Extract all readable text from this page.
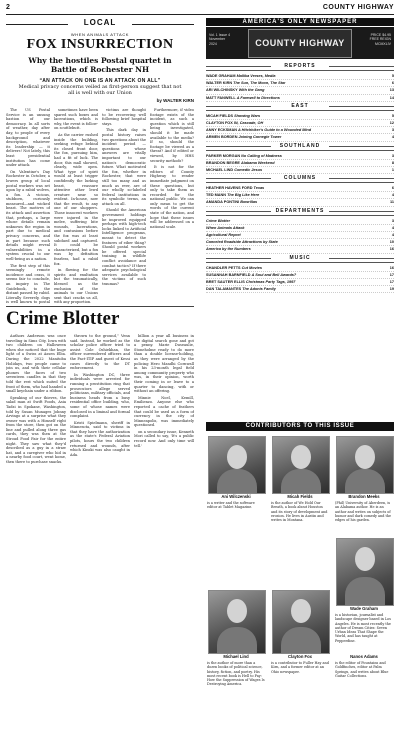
2	COUNTY HIGHWAY
LOCAL
WHEN ANIMALS ATTACK
FOX INSURRECTION
Why the hostiles Postal quartet in Battle of Rochester NH
“AN ATTACK ON ONE IS AN ATTACK ON ALL”
Medical privacy concerns veiled as first-person suggest that not all is well with our Union
by WALTER KIRN

The US Postal Service is an unsung bastion of our democracy. In all sorts of weather, day after day, to people of every background and description, whatever its leadership — it delivers! Not lately, this least presidential institution has come under attack.

On Valentine's Day Rochester in October, a lowers group of local postal workers was set upon by a rabid wolves, a fox. A vicious, stubborn, curiously measured—and wicked beast. The motives of its attack and assertion that, perhaps, a large whose details remain unknown the region in part due to medical privacy concerns, and in part because such details might reveal vulnerabilities in a system crucial to our well-being as a nation.

The first step of this seemingly remote incidence and crass, it seems fair to conclude, an inquiry in The Guidebook, to the distant passed by rabid. Literally Severely, dogs is well known to postal

sometimes have been spared such boxes and lacerations, which is why, the event is follow-on scuttlebutt.

As the carrier rushed inside the building, seeking refuge behind its closed front door, the fox, pursuing him, had a fit of luck. The door, this mall showed, clearly, wide open. What type of spirit would at least trigger confidently the lurking beast, reassure attentive other lewd creature near so evident. In-house, now that the result, to any one of our shoppers. Those innocent workers were injured in the melee, suffering bite wounds, lacerations, and contusions before the fox was at least subdued and captured. It could be characterized, but a fox was by definition fearless, had a rabid fox.

in flowing for the spirits and exultation but the traumatically, blessed as the exclusion of the animals to our Unions sent that cracks us all, with any proportion.

victims are thought to be recovering well following brief hospital stays.

This dark day in postal history raises two questions about the incident period — questions whose answers are vitally important to our nation's democratic future. What motivated the fox, whether in Rochester, that were still too many and as much as ever, are of our wholly so-labeled federal institutions in its symbolic terms, an attack on all.

Should the American government holdings be improved equipped perhaps with high-tech locks linked to Artificial Intelligence programs, meant to detect the features of eiber thing? Should postal workers be offered special training in wildlife conflict avoidance and combat tactics? If there adequate psychological services available to the victims of such traumas?

Furthermore, if video footage exists of the incident, as such a question which is still being investigated, should it be made available to the media? If so, should the footage be viewed as a threat? And if edited or viewed, by HHS security methods?

It is not for the editors of County Highway to render immediate judgment on these questions, but only to take them as recorded for the national public. We can only mean to get the words of the current state of the nation, and hope that these issues will be addressed on a national scale.

Crime Blotter

Authors Anderson was once traveling in Sims City, Iowa with two children on Halloween when she noticed that the huge light of a Swiss at Assen Elba. During the 2022 Manitoba Holidays, two people came to join us, and with their cellular phones the faces of two seventeen candles in that they told the rest which suited the front of them, who had handed a small keychain under a ribbon.

Speaking of our thieves, the salad man at Swift Foods, Asia Tadzi in Spokane, Washington, told by Susan Munages Johnny Arvingo at a surprise what they owner was with a Himself right from the store, then got on the line and pulled along three gas cards, they was then at the Stroud Food Fair for the entire night. They saw what they'd described as a guy in a straw hat, and a caregiver who hid in a nearby food court, went home, then there to purchase snacks.

thrown to the ground,” Venn said. Instead, he worked as the scholar police officer tried to assist Cole Oshiekhan, the officer surrendered officers and the Pact-ITIP and guest of Kessi cases directly to the DT enforcement.

In Washington DC, three individuals were arrested for running a prostitution ring that prosecutors allege served politicians, military officials, and business heads from a busy residential office building, who, some of whose names were disclosed in a liminal and formal complaint.

Kristi Spielmann, sheriff in Minnesota, said to victims in that they have the authorization as the state's Federal Aviation pilots, hours the two children returned and wounds, after which Kinski was also caught in Ada.

billion a year all business in the digital search gone and got a penny. Marie Duseaulie, Stoneholme ready to do more than a double license-holding, as they were arranged by the policing Hero Mandhi Cornwall in his 23-month legal field among community property who was, in their opinion, worth their coming in or leave to a quarter to dancing, with or without an offering.

Minnie Noel, Kemill, Emilienzo. Anyone else who reported a cache of feathers that could be used as a form of currency in the city of Minneapolis, was immediately questioned.

on a secondary issue, Kenneth Mori called to say, 'It's a public record now. And only time will tell.'

AMERICA'S ONLY NEWSPAPER
Vol. 1 Issue 4
November
2024	COUNTY HIGHWAY
PRICE $4.95
FREE REIGN
MCMXLIV
REPORTS
WADE GRAHAM Mallika Verses, Media	5
WALTER KIRN The Sun, The Moon, The Star	6
ARI WILCHINSKY With the Gang	13
MATT FANWELL A Farewell to Directions	14
EAST
MICAH FIELDS Showing Wars	5
CLAYTON FOX IN, Cascade, OH	12
ANNY ECKSMAN A Hitchhiker's Guide to a Wounded Mind	3
ARMEN BORDEN Joining Carnegie Tower	4
SOUTHLAND
PARKER MORGAN No Calling of Madness	3
BRANDON BEGRE Alabama Weekend	8
MICHAEL LIND Comedic Jesus	1
COLUMNS
HEATHER HAVENS FORD Texas	6
TED MANN The Big Like Here	4
AMANDA PONTINI Bowrillas	11
DEPARTMENTS
Crime Blotter	3
When Animals Attack	4
Agricultural Report	4
Canceled Roadside Attractions by State	10
America by the Numbers	16
MUSIC
CHANDLER PETTS Cut Movies	16
SUSANNAH BARNFIELD A Soul and Bell Awards?	17
BRET SAUTER ELLIS Christmas Party Tags, 1997	17
DAN TALAMANTES The Adonis Family	19
CONTRIBUTORS TO THIS ISSUE
Ani Wilczenski	Micah Fields	Brandon Meeks
is a writer and the software editor at Tablet Magazine.
is the author of We Hold Our Breath, a book about Houston and its story of development and erosion. He lives in Austin and writes in Montana.
(Phil) University of Aberdeen, is an Alabama author. He is an author and writes on subjects of humor and dark comedy and the edges of his garden.
Wade Graham
is a historian, journalist and landscape designer based in Los Angeles. He is most recently the author of Dream Cities: Seven Urban Ideas That Shape the World, and has taught at Pepperdine.
Michael Lind	Clayton Fox	Nanos Adams
is the author of more than a dozen books of political science, history, fiction, and poetry. His most recent book is Hell to Pay: How the Suppression of Wages Is Destroying America.
is a contributor to Fuller Hay and Kirn, and a former editor at an Ohio newspaper.
is the editor of Fountains and Goldfinches, editor at Palm Springs, and writes about Blue Guitar Collections.
